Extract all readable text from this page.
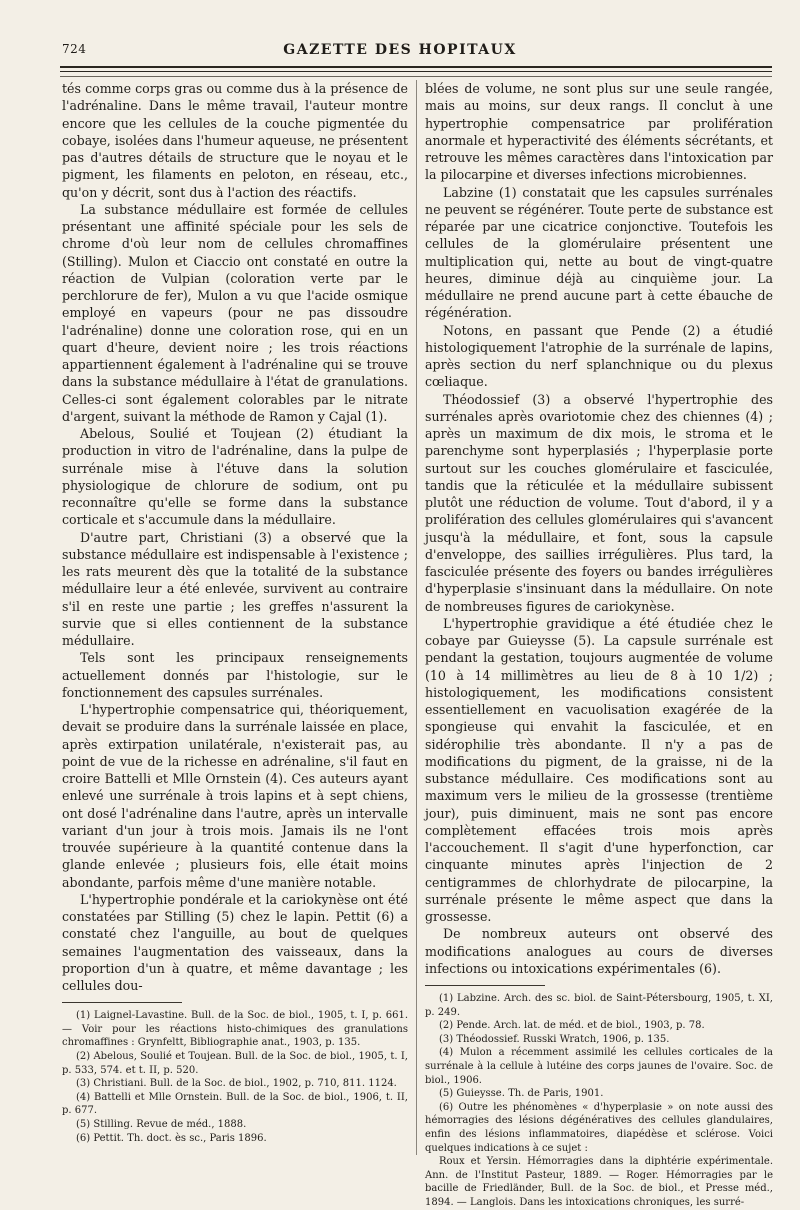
724	GAZETTE DES HOPITAUX

tés comme corps gras ou comme dus à la présence de l'adrénaline. Dans le même travail, l'auteur montre encore que les cellules de la couche pigmentée du cobaye, isolées dans l'humeur aqueuse, ne présentent pas d'autres détails de structure que le noyau et le pigment, les filaments en peloton, en réseau, etc., qu'on y décrit, sont dus à l'action des réactifs.

La substance médullaire est formée de cellules présentant une affinité spéciale pour les sels de chrome d'où leur nom de cellules chromaffines (Stilling). Mulon et Ciaccio ont constaté en outre la réaction de Vulpian (coloration verte par le perchlorure de fer), Mulon a vu que l'acide osmique employé en vapeurs (pour ne pas dissoudre l'adrénaline) donne une coloration rose, qui en un quart d'heure, devient noire ; les trois réactions appartiennent également à l'adrénaline qui se trouve dans la substance médullaire à l'état de granulations. Celles-ci sont également colorables par le nitrate d'argent, suivant la méthode de Ramon y Cajal (1).

Abelous, Soulié et Toujean (2) étudiant la production in vitro de l'adrénaline, dans la pulpe de surrénale mise à l'étuve dans la solution physiologique de chlorure de sodium, ont pu reconnaître qu'elle se forme dans la substance corticale et s'accumule dans la médullaire.

D'autre part, Christiani (3) a observé que la substance médullaire est indispensable à l'existence ; les rats meurent dès que la totalité de la substance médullaire leur a été enlevée, survivent au contraire s'il en reste une partie ; les greffes n'assurent la survie que si elles contiennent de la substance médullaire.

Tels sont les principaux renseignements actuellement donnés par l'histologie, sur le fonctionnement des capsules surrénales.

L'hypertrophie compensatrice qui, théoriquement, devait se produire dans la surrénale laissée en place, après extirpation unilatérale, n'existerait pas, au point de vue de la richesse en adrénaline, s'il faut en croire Battelli et Mlle Ornstein (4). Ces auteurs ayant enlevé une surrénale à trois lapins et à sept chiens, ont dosé l'adrénaline dans l'autre, après un intervalle variant d'un jour à trois mois. Jamais ils ne l'ont trouvée supérieure à la quantité contenue dans la glande enlevée ; plusieurs fois, elle était moins abondante, parfois même d'une manière notable.

L'hypertrophie pondérale et la cariokynèse ont été constatées par Stilling (5) chez le lapin. Pettit (6) a constaté chez l'anguille, au bout de quelques semaines l'augmentation des vaisseaux, dans la proportion d'un à quatre, et même davantage ; les cellules dou-

(1) Laignel-Lavastine. Bull. de la Soc. de biol., 1905, t. I, p. 661. — Voir pour les réactions histo-chimiques des granulations chromaffines : Grynfeltt, Bibliographie anat., 1903, p. 135.

(2) Abelous, Soulié et Toujean. Bull. de la Soc. de biol., 1905, t. I, p. 533, 574. et t. II, p. 520.

(3) Christiani. Bull. de la Soc. de biol., 1902, p. 710, 811. 1124.

(4) Battelli et Mlle Ornstein. Bull. de la Soc. de biol., 1906, t. II, p. 677.

(5) Stilling. Revue de méd., 1888.

(6) Pettit. Th. doct. ès sc., Paris 1896.

blées de volume, ne sont plus sur une seule rangée, mais au moins, sur deux rangs. Il conclut à une hypertrophie compensatrice par prolifération anormale et hyperactivité des éléments sécrétants, et retrouve les mêmes caractères dans l'intoxication par la pilocarpine et diverses infections microbiennes.

Labzine (1) constatait que les capsules surrénales ne peuvent se régénérer. Toute perte de substance est réparée par une cicatrice conjonctive. Toutefois les cellules de la glomérulaire présentent une multiplication qui, nette au bout de vingt-quatre heures, diminue déjà au cinquième jour. La médullaire ne prend aucune part à cette ébauche de régénération.

Notons, en passant que Pende (2) a étudié histologiquement l'atrophie de la surrénale de lapins, après section du nerf splanchnique ou du plexus cœliaque.

Théodossief (3) a observé l'hypertrophie des surrénales après ovariotomie chez des chiennes (4) ; après un maximum de dix mois, le stroma et le parenchyme sont hyperplasiés ; l'hyperplasie porte surtout sur les couches glomérulaire et fasciculée, tandis que la réticulée et la médullaire subissent plutôt une réduction de volume. Tout d'abord, il y a prolifération des cellules glomérulaires qui s'avancent jusqu'à la médullaire, et font, sous la capsule d'enveloppe, des saillies irrégulières. Plus tard, la fasciculée présente des foyers ou bandes irrégulières d'hyperplasie s'insinuant dans la médullaire. On note de nombreuses figures de cariokynèse.

L'hypertrophie gravidique a été étudiée chez le cobaye par Guieysse (5). La capsule surrénale est pendant la gestation, toujours augmentée de volume (10 à 14 millimètres au lieu de 8 à 10 1/2) ; histologiquement, les modifications consistent essentiellement en vacuolisation exagérée de la spongieuse qui envahit la fasciculée, et en sidérophilie très abondante. Il n'y a pas de modifications du pigment, de la graisse, ni de la substance médullaire. Ces modifications sont au maximum vers le milieu de la grossesse (trentième jour), puis diminuent, mais ne sont pas encore complètement effacées trois mois après l'accouchement. Il s'agit d'une hyperfonction, car cinquante minutes après l'injection de 2 centigrammes de chlorhydrate de pilocarpine, la surrénale présente le même aspect que dans la grossesse.

De nombreux auteurs ont observé des modifications analogues au cours de diverses infections ou intoxications expérimentales (6).

(1) Labzine. Arch. des sc. biol. de Saint-Pétersbourg, 1905, t. XI, p. 249.

(2) Pende. Arch. lat. de méd. et de biol., 1903, p. 78.

(3) Théodossief. Russki Wratch, 1906, p. 135.

(4) Mulon a récemment assimilé les cellules corticales de la surrénale à la cellule à lutéine des corps jaunes de l'ovaire. Soc. de biol., 1906.

(5) Guieysse. Th. de Paris, 1901.

(6) Outre les phénomènes « d'hyperplasie » on note aussi des hémorragies des lésions dégénératives des cellules glandulaires, enfin des lésions inflammatoires, diapédèse et sclérose. Voici quelques indications à ce sujet :

Roux et Yersin. Hémorragies dans la diphtérie expérimentale. Ann. de l'Institut Pasteur, 1889. — Roger. Hémorragies par le bacille de Friedländer, Bull. de la Soc. de biol., et Presse méd., 1894. — Langlois. Dans les intoxications chroniques, les surré-
